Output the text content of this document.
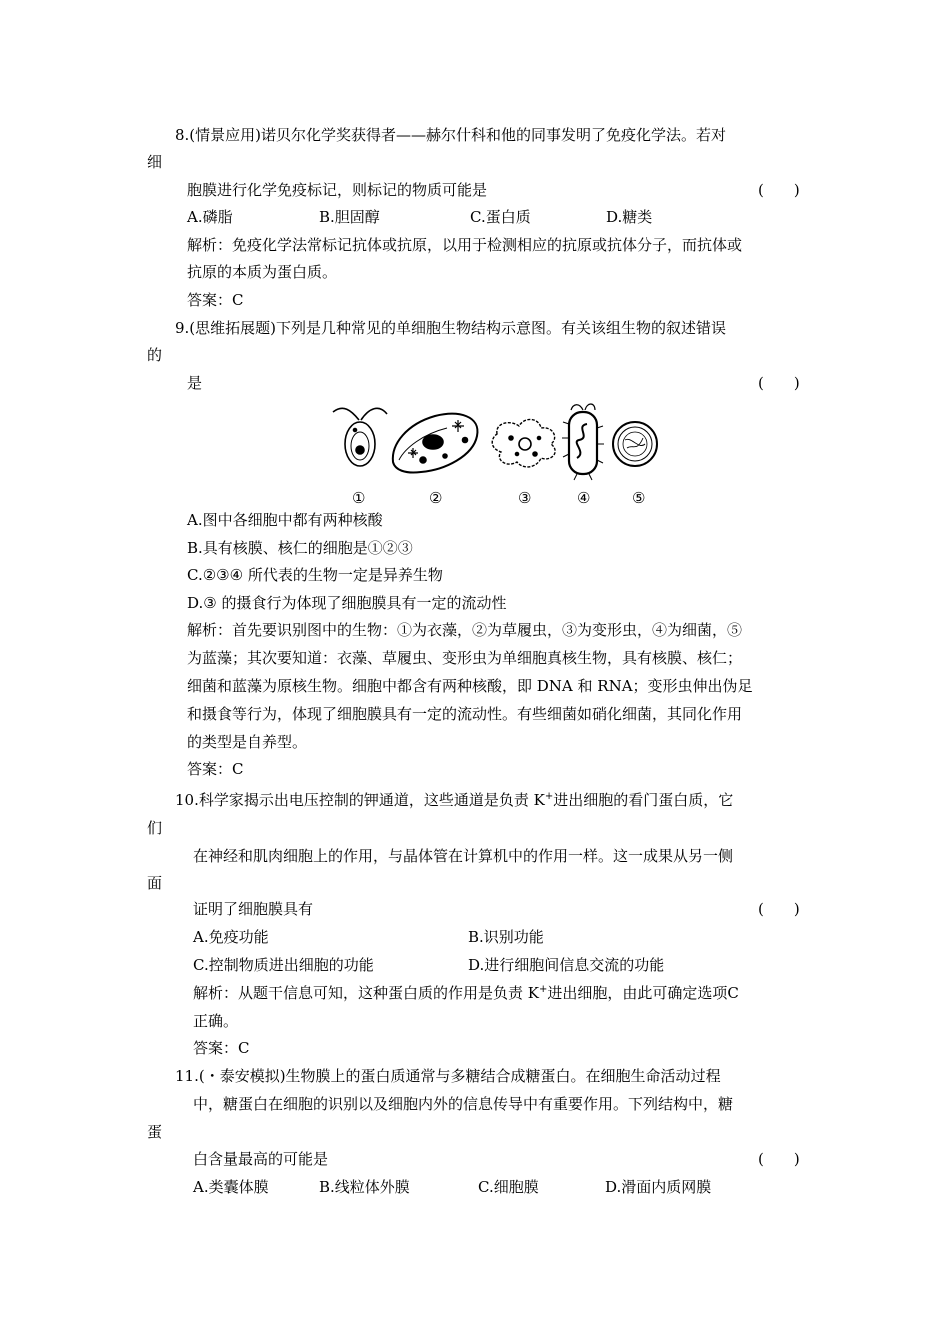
8.(情景应用)诺贝尔化学奖获得者——赫尔什科和他的同事发明了免疫化学法。若对
细
胞膜进行化学免疫标记，则标记的物质可能是	(　　)
A.磷脂	B.胆固醇	C.蛋白质	D.糖类
解析：免疫化学法常标记抗体或抗原，以用于检测相应的抗原或抗体分子，而抗体或
抗原的本质为蛋白质。
答案：C
9.(思维拓展题)下列是几种常见的单细胞生物结构示意图。有关该组生物的叙述错误
的
是	(　　)
①	②	③	④	⑤
A.图中各细胞中都有两种核酸
B.具有核膜、核仁的细胞是①②③
C.②③④ 所代表的生物一定是异养生物
D.③ 的摄食行为体现了细胞膜具有一定的流动性
解析：首先要识别图中的生物：①为衣藻，②为草履虫，③为变形虫，④为细菌，⑤
为蓝藻；其次要知道：衣藻、草履虫、变形虫为单细胞真核生物，具有核膜、核仁；
细菌和蓝藻为原核生物。细胞中都含有两种核酸，即 DNA 和 RNA；变形虫伸出伪足
和摄食等行为，体现了细胞膜具有一定的流动性。有些细菌如硝化细菌，其同化作用
的类型是自养型。
答案：C
10.科学家揭示出电压控制的钾通道，这些通道是负责 K+进出细胞的看门蛋白质，它
们
在神经和肌肉细胞上的作用，与晶体管在计算机中的作用一样。这一成果从另一侧
面
证明了细胞膜具有	(　　)
A.免疫功能	B.识别功能
C.控制物质进出细胞的功能	D.进行细胞间信息交流的功能
解析：从题干信息可知，这种蛋白质的作用是负责 K+进出细胞，由此可确定选项C
正确。
答案：C
11.(・泰安模拟)生物膜上的蛋白质通常与多糖结合成糖蛋白。在细胞生命活动过程
中，糖蛋白在细胞的识别以及细胞内外的信息传导中有重要作用。下列结构中，糖
蛋
白含量最高的可能是	(　　)
A.类囊体膜	B.线粒体外膜	C.细胞膜	D.滑面内质网膜
